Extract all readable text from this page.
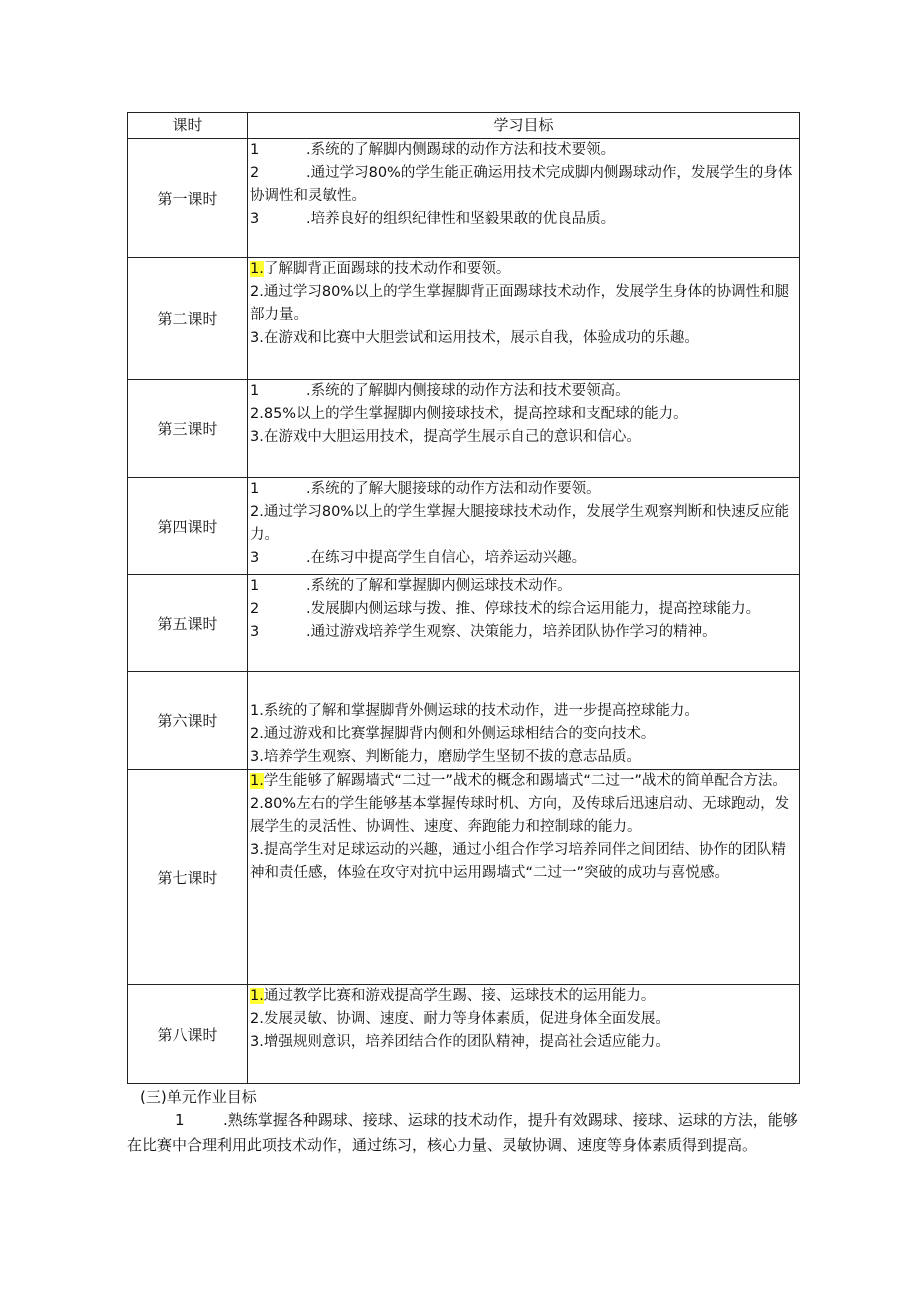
课时	学习目标
第一课时	1 .系统的了解脚内侧踢球的动作方法和技术要领。
2 .通过学习80%的学生能正确运用技术完成脚内侧踢球动作，发展学生的身体协调性和灵敏性。
3 .培养良好的组织纪律性和坚毅果敢的优良品质。

第二课时	1.了解脚背正面踢球的技术动作和要领。
2.通过学习80%以上的学生掌握脚背正面踢球技术动作，发展学生身体的协调性和腿部力量。
3.在游戏和比赛中大胆尝试和运用技术，展示自我，体验成功的乐趣。

第三课时	1 .系统的了解脚内侧接球的动作方法和技术要领高。
2.85%以上的学生掌握脚内侧接球技术，提高控球和支配球的能力。
3.在游戏中大胆运用技术，提高学生展示自己的意识和信心。

第四课时	1 .系统的了解大腿接球的动作方法和动作要领。
2.通过学习80%以上的学生掌握大腿接球技术动作，发展学生观察判断和快速反应能力。
3 .在练习中提高学生自信心，培养运动兴趣。

第五课时	1 .系统的了解和掌握脚内侧运球技术动作。
2 .发展脚内侧运球与拨、推、停球技术的综合运用能力，提高控球能力。
3 .通过游戏培养学生观察、决策能力，培养团队协作学习的精神。

第六课时	1.系统的了解和掌握脚背外侧运球的技术动作，进一步提高控球能力。
2.通过游戏和比赛掌握脚背内侧和外侧运球相结合的变向技术。
3.培养学生观察、判断能力，磨励学生坚韧不拔的意志品质。

第七课时	1.学生能够了解踢墙式“二过一”战术的概念和踢墙式“二过一”战术的简单配合方法。
2.80%左右的学生能够基本掌握传球时机、方向，及传球后迅速启动、无球跑动，发展学生的灵活性、协调性、速度、奔跑能力和控制球的能力。
3.提高学生对足球运动的兴趣，通过小组合作学习培养同伴之间团结、协作的团队精神和责任感，体验在攻守对抗中运用踢墙式“二过一”突破的成功与喜悦感。

第八课时	1.通过教学比赛和游戏提高学生踢、接、运球技术的运用能力。
2.发展灵敏、协调、速度、耐力等身体素质，促进身体全面发展。
3.增强规则意识，培养团结合作的团队精神，提高社会适应能力。
(三)单元作业目标
1	.熟练掌握各种踢球、接球、运球的技术动作，提升有效踢球、接球、运球的方法，能够在比赛中合理利用此项技术动作，通过练习，核心力量、灵敏协调、速度等身体素质得到提高。
